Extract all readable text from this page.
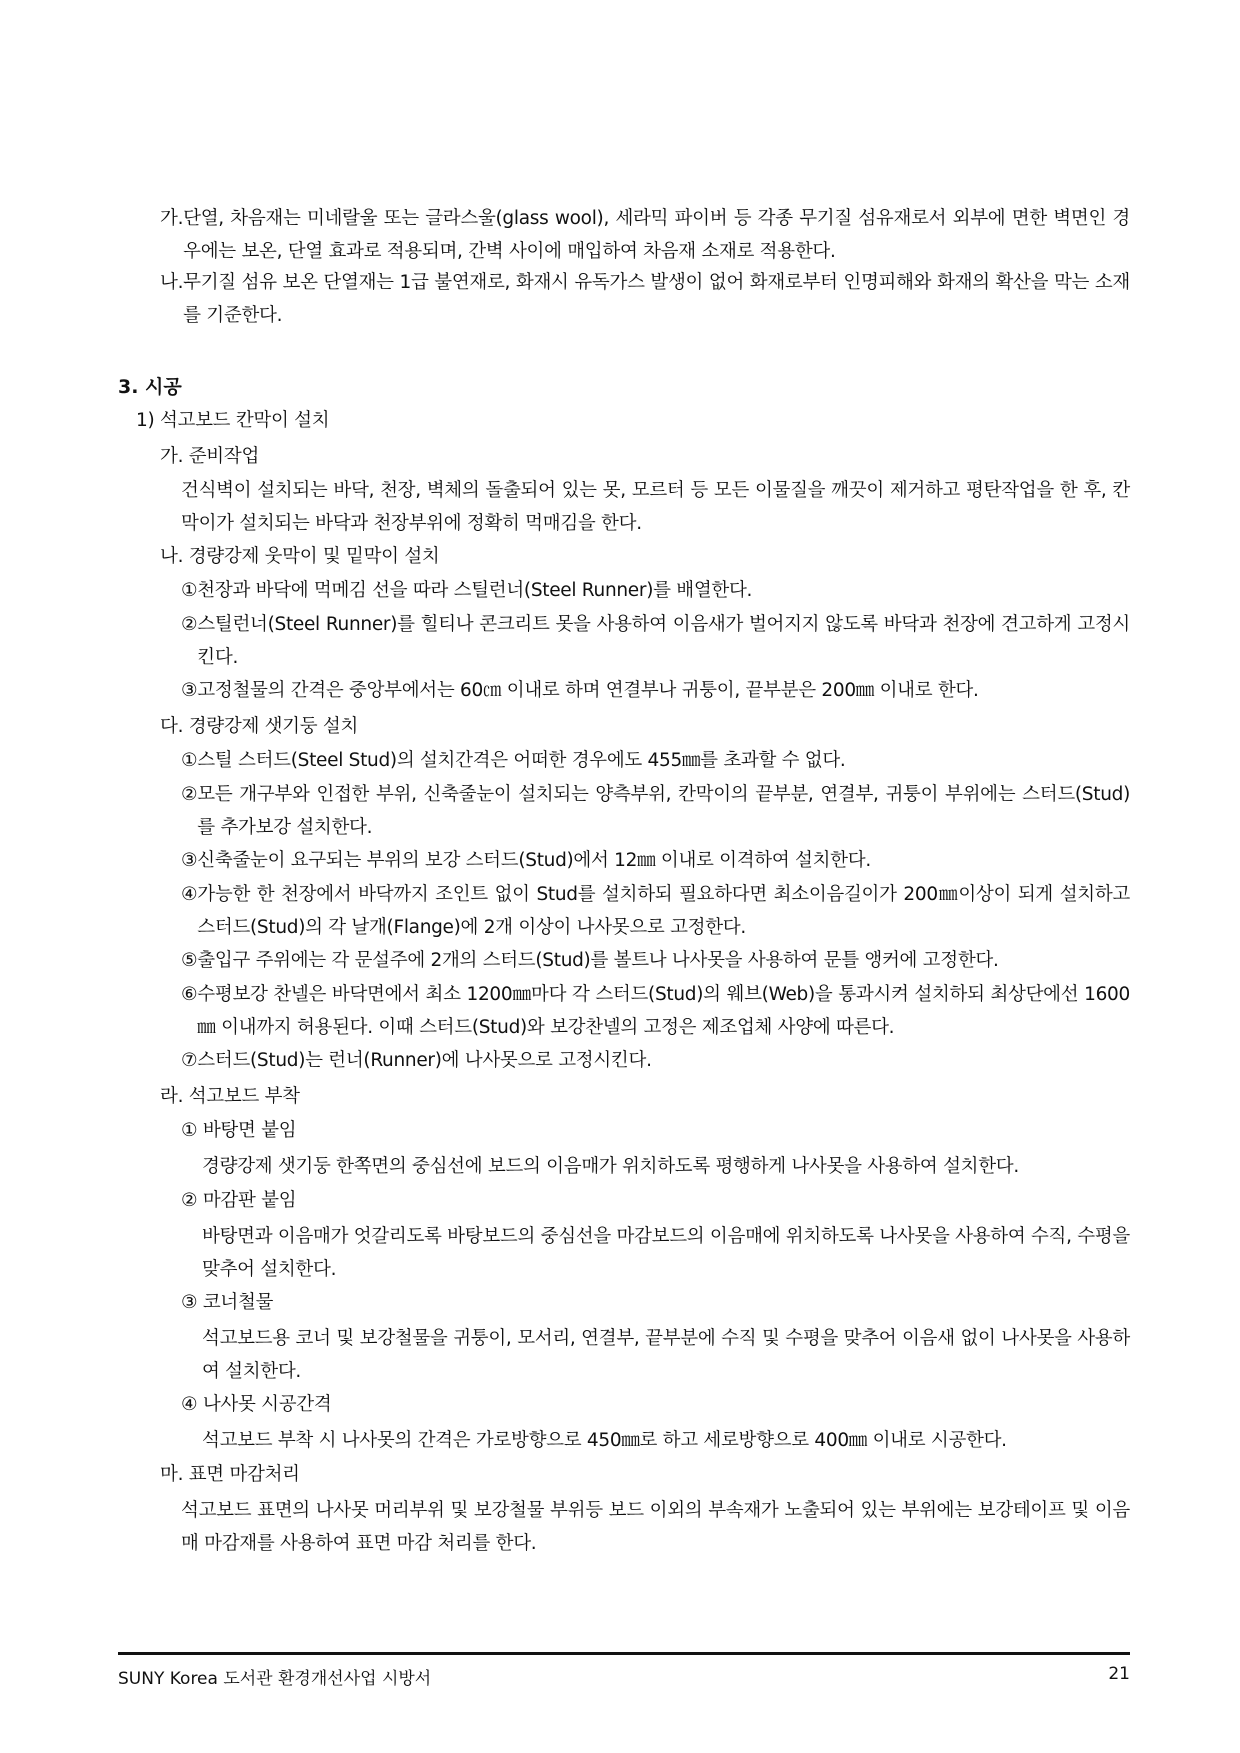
가. 단열, 차음재는 미네랄울 또는 글라스울(glass wool), 세라믹 파이버 등 각종 무기질 섬유재로서 외부에 면한 벽면인 경우에는 보온, 단열 효과로 적용되며, 간벽 사이에 매입하여 차음재 소재로 적용한다.
나. 무기질 섬유 보온 단열재는 1급 불연재로, 화재시 유독가스 발생이 없어 화재로부터 인명피해와 화재의 확산을 막는 소재를 기준한다.
3. 시공
1) 석고보드 칸막이 설치
가. 준비작업
건식벽이 설치되는 바닥, 천장, 벽체의 돌출되어 있는 못, 모르터 등 모든 이물질을 깨끗이 제거하고 평탄작업을 한 후, 칸막이가 설치되는 바닥과 천장부위에 정확히 먹매김을 한다.
나. 경량강제 웃막이 및 밑막이 설치
① 천장과 바닥에 먹메김 선을 따라 스틸런너(Steel Runner)를 배열한다.
② 스틸런너(Steel Runner)를 힐티나 콘크리트 못을 사용하여 이음새가 벌어지지 않도록 바닥과 천장에 견고하게 고정시킨다.
③ 고정철물의 간격은 중앙부에서는 60㎝ 이내로 하며 연결부나 귀퉁이, 끝부분은 200㎜ 이내로 한다.
다. 경량강제 샛기둥 설치
① 스틸 스터드(Steel Stud)의 설치간격은 어떠한 경우에도 455㎜를 초과할 수 없다.
② 모든 개구부와 인접한 부위, 신축줄눈이 설치되는 양측부위, 칸막이의 끝부분, 연결부, 귀퉁이 부위에는 스터드(Stud)를 추가보강 설치한다.
③ 신축줄눈이 요구되는 부위의 보강 스터드(Stud)에서 12㎜ 이내로 이격하여 설치한다.
④ 가능한 한 천장에서 바닥까지 조인트 없이 Stud를 설치하되 필요하다면 최소이음길이가 200㎜이상이 되게 설치하고 스터드(Stud)의 각 날개(Flange)에 2개 이상이 나사못으로 고정한다.
⑤ 출입구 주위에는 각 문설주에 2개의 스터드(Stud)를 볼트나 나사못을 사용하여 문틀 앵커에 고정한다.
⑥ 수평보강 찬넬은 바닥면에서 최소 1200㎜마다 각 스터드(Stud)의 웨브(Web)을 통과시켜 설치하되 최상단에선 1600㎜ 이내까지 허용된다. 이때 스터드(Stud)와 보강찬넬의 고정은 제조업체 사양에 따른다.
⑦ 스터드(Stud)는 런너(Runner)에 나사못으로 고정시킨다.
라. 석고보드 부착
① 바탕면 붙임
경량강제 샛기둥 한쪽면의 중심선에 보드의 이음매가 위치하도록 평행하게 나사못을 사용하여 설치한다.
② 마감판 붙임
바탕면과 이음매가 엇갈리도록 바탕보드의 중심선을 마감보드의 이음매에 위치하도록 나사못을 사용하여 수직, 수평을 맞추어 설치한다.
③ 코너철물
석고보드용 코너 및 보강철물을 귀퉁이, 모서리, 연결부, 끝부분에 수직 및 수평을 맞추어 이음새 없이 나사못을 사용하여 설치한다.
④ 나사못 시공간격
석고보드 부착 시 나사못의 간격은 가로방향으로 450㎜로 하고 세로방향으로 400㎜ 이내로 시공한다.
마. 표면 마감처리
석고보드 표면의 나사못 머리부위 및 보강철물 부위등 보드 이외의 부속재가 노출되어 있는 부위에는 보강테이프 및 이음매 마감재를 사용하여 표면 마감 처리를 한다.
SUNY Korea 도서관 환경개선사업 시방서	21
